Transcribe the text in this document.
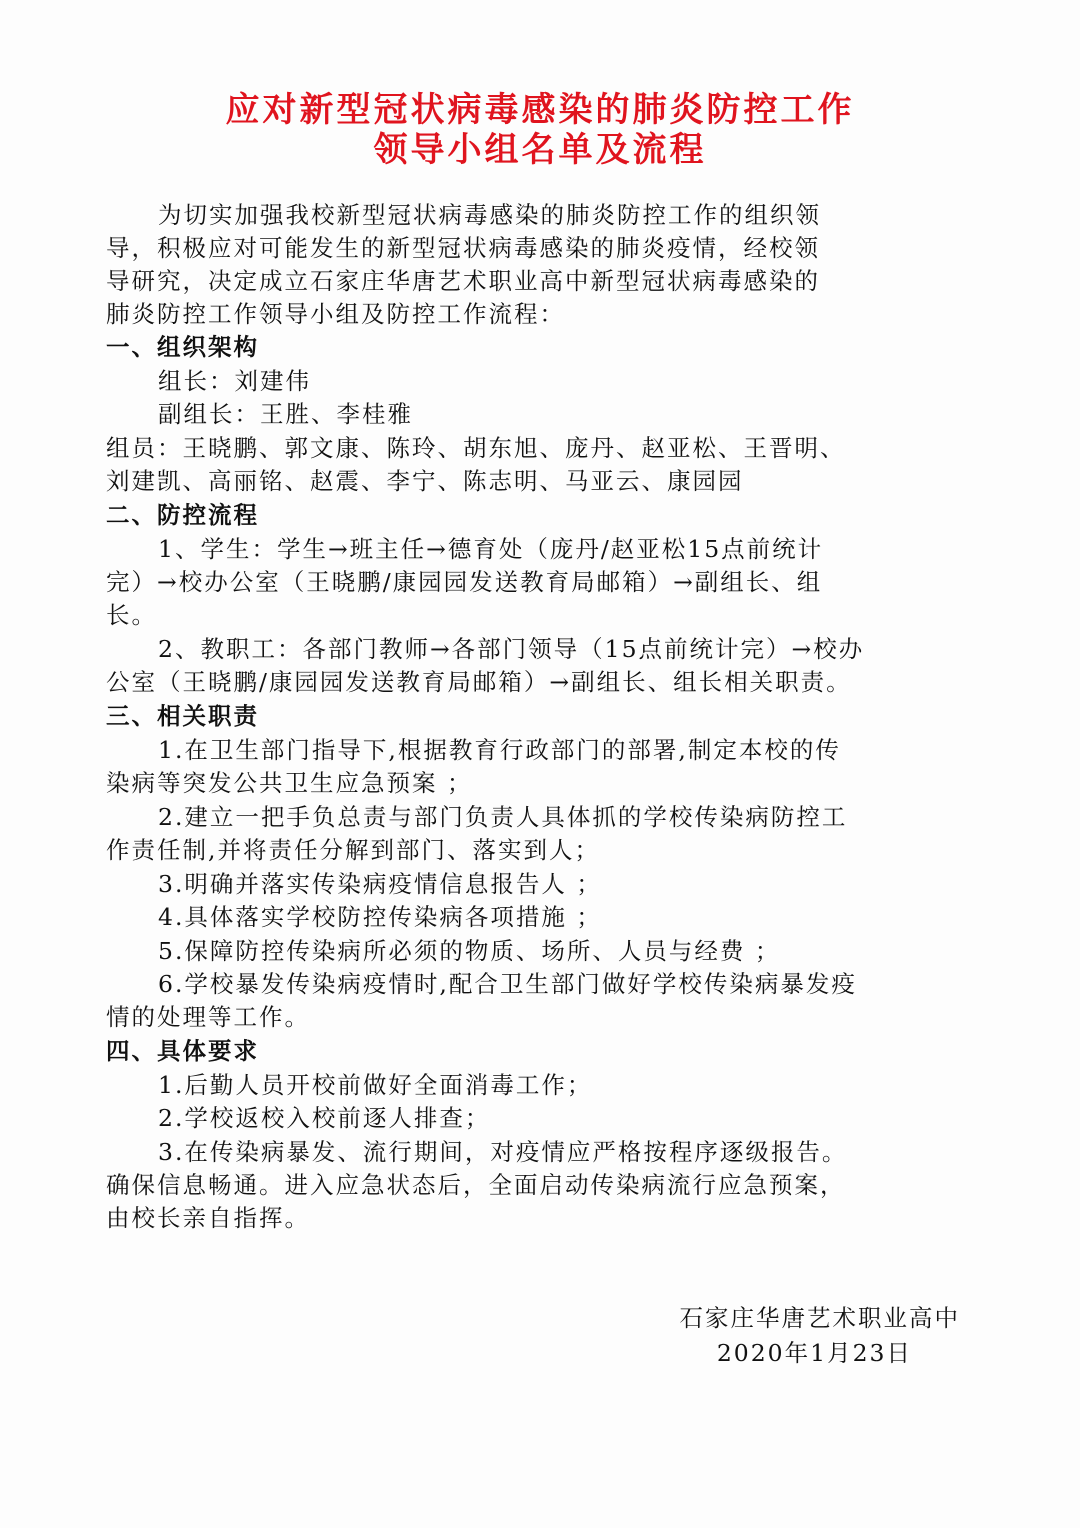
应对新型冠状病毒感染的肺炎防控工作
领导小组名单及流程
为切实加强我校新型冠状病毒感染的肺炎防控工作的组织领
导，积极应对可能发生的新型冠状病毒感染的肺炎疫情，经校领
导研究，决定成立石家庄华唐艺术职业高中新型冠状病毒感染的
肺炎防控工作领导小组及防控工作流程：
一、组织架构
组长：刘建伟
副组长：王胜、李桂雅
组员：王晓鹏、郭文康、陈玲、胡东旭、庞丹、赵亚松、王晋明、
刘建凯、高丽铭、赵震、李宁、陈志明、马亚云、康园园
二、防控流程
1、学生：学生→班主任→德育处（庞丹/赵亚松15点前统计
完）→校办公室（王晓鹏/康园园发送教育局邮箱）→副组长、组
长。
2、教职工：各部门教师→各部门领导（15点前统计完）→校办
公室（王晓鹏/康园园发送教育局邮箱）→副组长、组长相关职责。
三、相关职责
1.在卫生部门指导下,根据教育行政部门的部署,制定本校的传
染病等突发公共卫生应急预案 ；
2.建立一把手负总责与部门负责人具体抓的学校传染病防控工
作责任制,并将责任分解到部门、落实到人；
3.明确并落实传染病疫情信息报告人 ；
4.具体落实学校防控传染病各项措施 ；
5.保障防控传染病所必须的物质、场所、人员与经费 ；
6.学校暴发传染病疫情时,配合卫生部门做好学校传染病暴发疫
情的处理等工作。
四、具体要求
1.后勤人员开校前做好全面消毒工作；
2.学校返校入校前逐人排查；
3.在传染病暴发、流行期间，对疫情应严格按程序逐级报告。
确保信息畅通。进入应急状态后，全面启动传染病流行应急预案，
由校长亲自指挥。
石家庄华唐艺术职业高中
2020年1月23日
